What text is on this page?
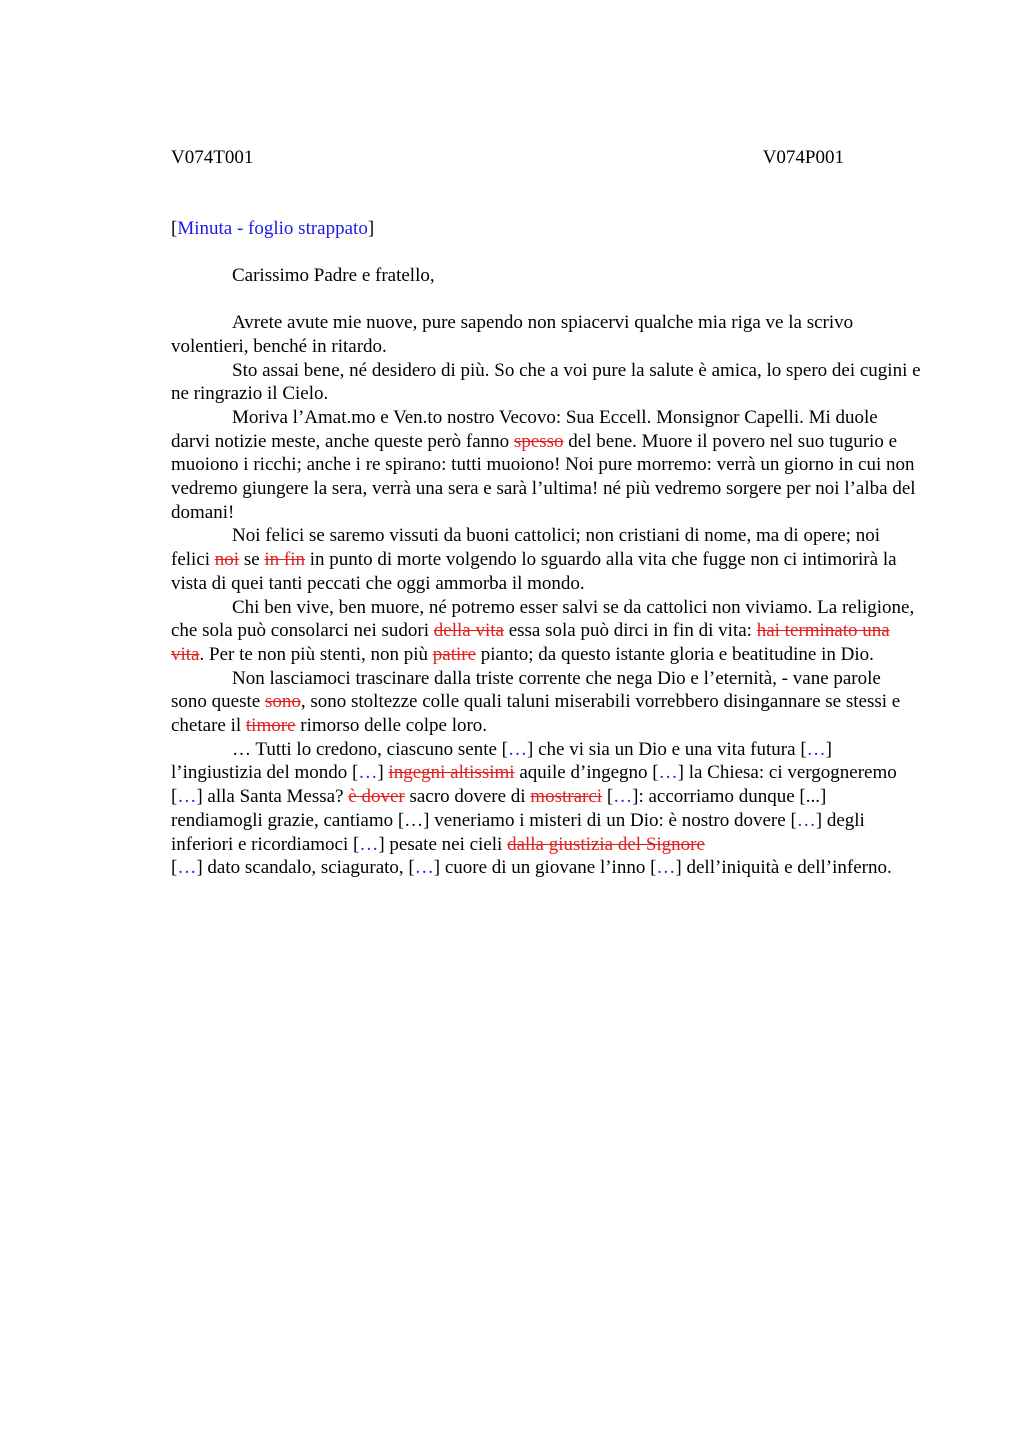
V074T001	V074P001

[Minuta - foglio strappato]

Carissimo Padre e fratello,

Avrete avute mie nuove, pure sapendo non spiacervi qualche mia riga ve la scrivo volentieri, benché in ritardo.

Sto assai bene, né desidero di più. So che a voi pure la salute è amica, lo spero dei cugini e ne ringrazio il Cielo.

Moriva l’Amat.mo e Ven.to nostro Vecovo: Sua Eccell. Monsignor Capelli. Mi duole darvi notizie meste, anche queste però fanno spesso del bene. Muore il povero nel suo tugurio e muoiono i ricchi; anche i re spirano: tutti muoiono! Noi pure morremo: verrà un giorno in cui non vedremo giungere la sera, verrà una sera e sarà l’ultima! né più vedremo sorgere per noi l’alba del domani!

Noi felici se saremo vissuti da buoni cattolici; non cristiani di nome, ma di opere; noi felici noi se in fin in punto di morte volgendo lo sguardo alla vita che fugge non ci intimorirà la vista di quei tanti peccati che oggi ammorba il mondo.

Chi ben vive, ben muore, né potremo esser salvi se da cattolici non viviamo. La religione, che sola può consolarci nei sudori della vita essa sola può dirci in fin di vita: hai terminato una vita. Per te non più stenti, non più patire pianto; da questo istante gloria e beatitudine in Dio.

Non lasciamoci trascinare dalla triste corrente che nega Dio e l’eternità, - vane parole sono queste sono, sono stoltezze colle quali taluni miserabili vorrebbero disingannare se stessi e chetare il timore rimorso delle colpe loro.

… Tutti lo credono, ciascuno sente […] che vi sia un Dio e una vita futura […] l’ingiustizia del mondo […] ingegni altissimi aquile d’ingegno […] la Chiesa: ci vergogneremo […] alla Santa Messa? è dover sacro dovere di mostrarci […]: accorriamo dunque [...] rendiamogli grazie, cantiamo […] veneriamo i misteri di un Dio: è nostro dovere […] degli inferiori e ricordiamoci […] pesate nei cieli dalla giustizia del Signore
[…] dato scandalo, sciagurato, […] cuore di un giovane l’inno […] dell’iniquità e dell’inferno.
